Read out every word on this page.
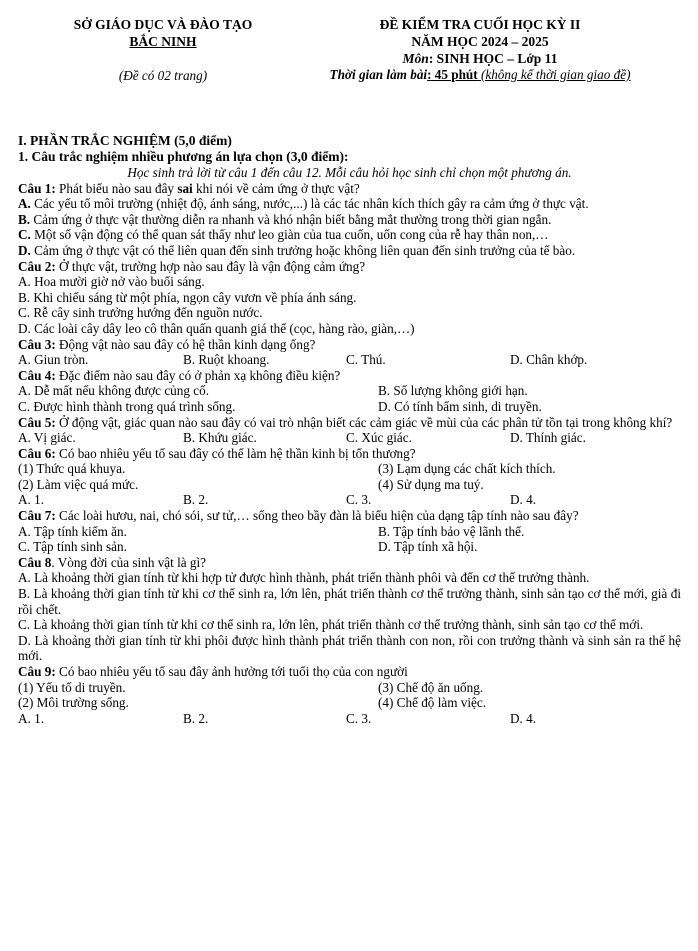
SỞ GIÁO DỤC VÀ ĐÀO TẠO
BẮC NINH
(Đề có 02 trang)
ĐỀ KIỂM TRA CUỐI HỌC KỲ II
NĂM HỌC 2024 – 2025
Môn: SINH HỌC – Lớp 11
Thời gian làm bài: 45 phút (không kể thời gian giao đề)
I. PHẦN TRẮC NGHIỆM (5,0 điểm)
1. Câu trắc nghiệm nhiều phương án lựa chọn (3,0 điểm):
Học sinh trả lời từ câu 1 đến câu 12. Mỗi câu hỏi học sinh chỉ chọn một phương án.

Câu 1: Phát biểu nào sau đây sai khi nói về cảm ứng ở thực vật?

A. Các yếu tố môi trường (nhiệt độ, ánh sáng, nước,...) là các tác nhân kích thích gây ra cảm ứng ở thực vật.

B. Cảm ứng ở thực vật thường diễn ra nhanh và khó nhận biết bằng mắt thường trong thời gian ngắn.

C. Một số vận động có thể quan sát thấy như leo giàn của tua cuốn, uốn cong của rễ hay thân non,…

D. Cảm ứng ở thực vật có thể liên quan đến sinh trưởng hoặc không liên quan đến sinh trưởng của tế bào.

Câu 2: Ở thực vật, trường hợp nào sau đây là vận động cảm ứng?

A. Hoa mười giờ nở vào buổi sáng.

B. Khi chiếu sáng từ một phía, ngọn cây vươn về phía ánh sáng.

C. Rễ cây sinh trưởng hướng đến nguồn nước.

D. Các loài cây dây leo cô thân quấn quanh giá thể (cọc, hàng rào, giàn,…)

Câu 3: Động vật nào sau đây có hệ thần kinh dạng ống?

A. Giun tròn.	B. Ruột khoang.	C. Thú.	D. Chân khớp.

Câu 4: Đặc điểm nào sau đây có ở phản xạ không điều kiện?

A. Dễ mất nếu không được củng cố.	B. Số lượng không giới hạn.
C. Được hình thành trong quá trình sống.	D. Có tính bẩm sinh, di truyền.

Câu 5: Ở động vật, giác quan nào sau đây có vai trò nhận biết các cảm giác về mùi của các phân tử tồn tại trong không khí?

A. Vị giác.	B. Khứu giác.	C. Xúc giác.	D. Thính giác.

Câu 6: Có bao nhiêu yếu tố sau đây có thể làm hệ thần kinh bị tổn thương?

(1) Thức quá khuya.	(3) Lạm dụng các chất kích thích.
(2) Làm việc quá mức.	(4) Sử dụng ma tuý.
A. 1.	B. 2.	C. 3.	D. 4.

Câu 7: Các loài hươu, nai, chó sói, sư tử,… sống theo bầy đàn là biểu hiện của dạng tập tính nào sau đây?

A. Tập tính kiếm ăn.	B. Tập tính bảo vệ lãnh thể.
C. Tập tính sinh sản.	D. Tập tính xã hội.

Câu 8. Vòng đời của sinh vật là gì?

A. Là khoảng thời gian tính từ khi hợp tử được hình thành, phát triển thành phôi và đến cơ thể trưởng thành.

B. Là khoảng thời gian tính từ khi cơ thể sinh ra, lớn lên, phát triển thành cơ thể trưởng thành, sinh sản tạo cơ thể mới, già đi rồi chết.

C. Là khoảng thời gian tính từ khi cơ thể sinh ra, lớn lên, phát triển thành cơ thể trưởng thành, sinh sản tạo cơ thể mới.

D. Là khoảng thời gian tính từ khi phôi được hình thành phát triển thành con non, rồi con trưởng thành và sinh sản ra thế hệ mới.

Câu 9: Có bao nhiêu yếu tố sau đây ảnh hưởng tới tuổi thọ của con người

(1) Yếu tố di truyền.	(3) Chế độ ăn uống.
(2) Môi trường sống.	(4) Chế độ làm việc.
A. 1.	B. 2.	C. 3.	D. 4.
